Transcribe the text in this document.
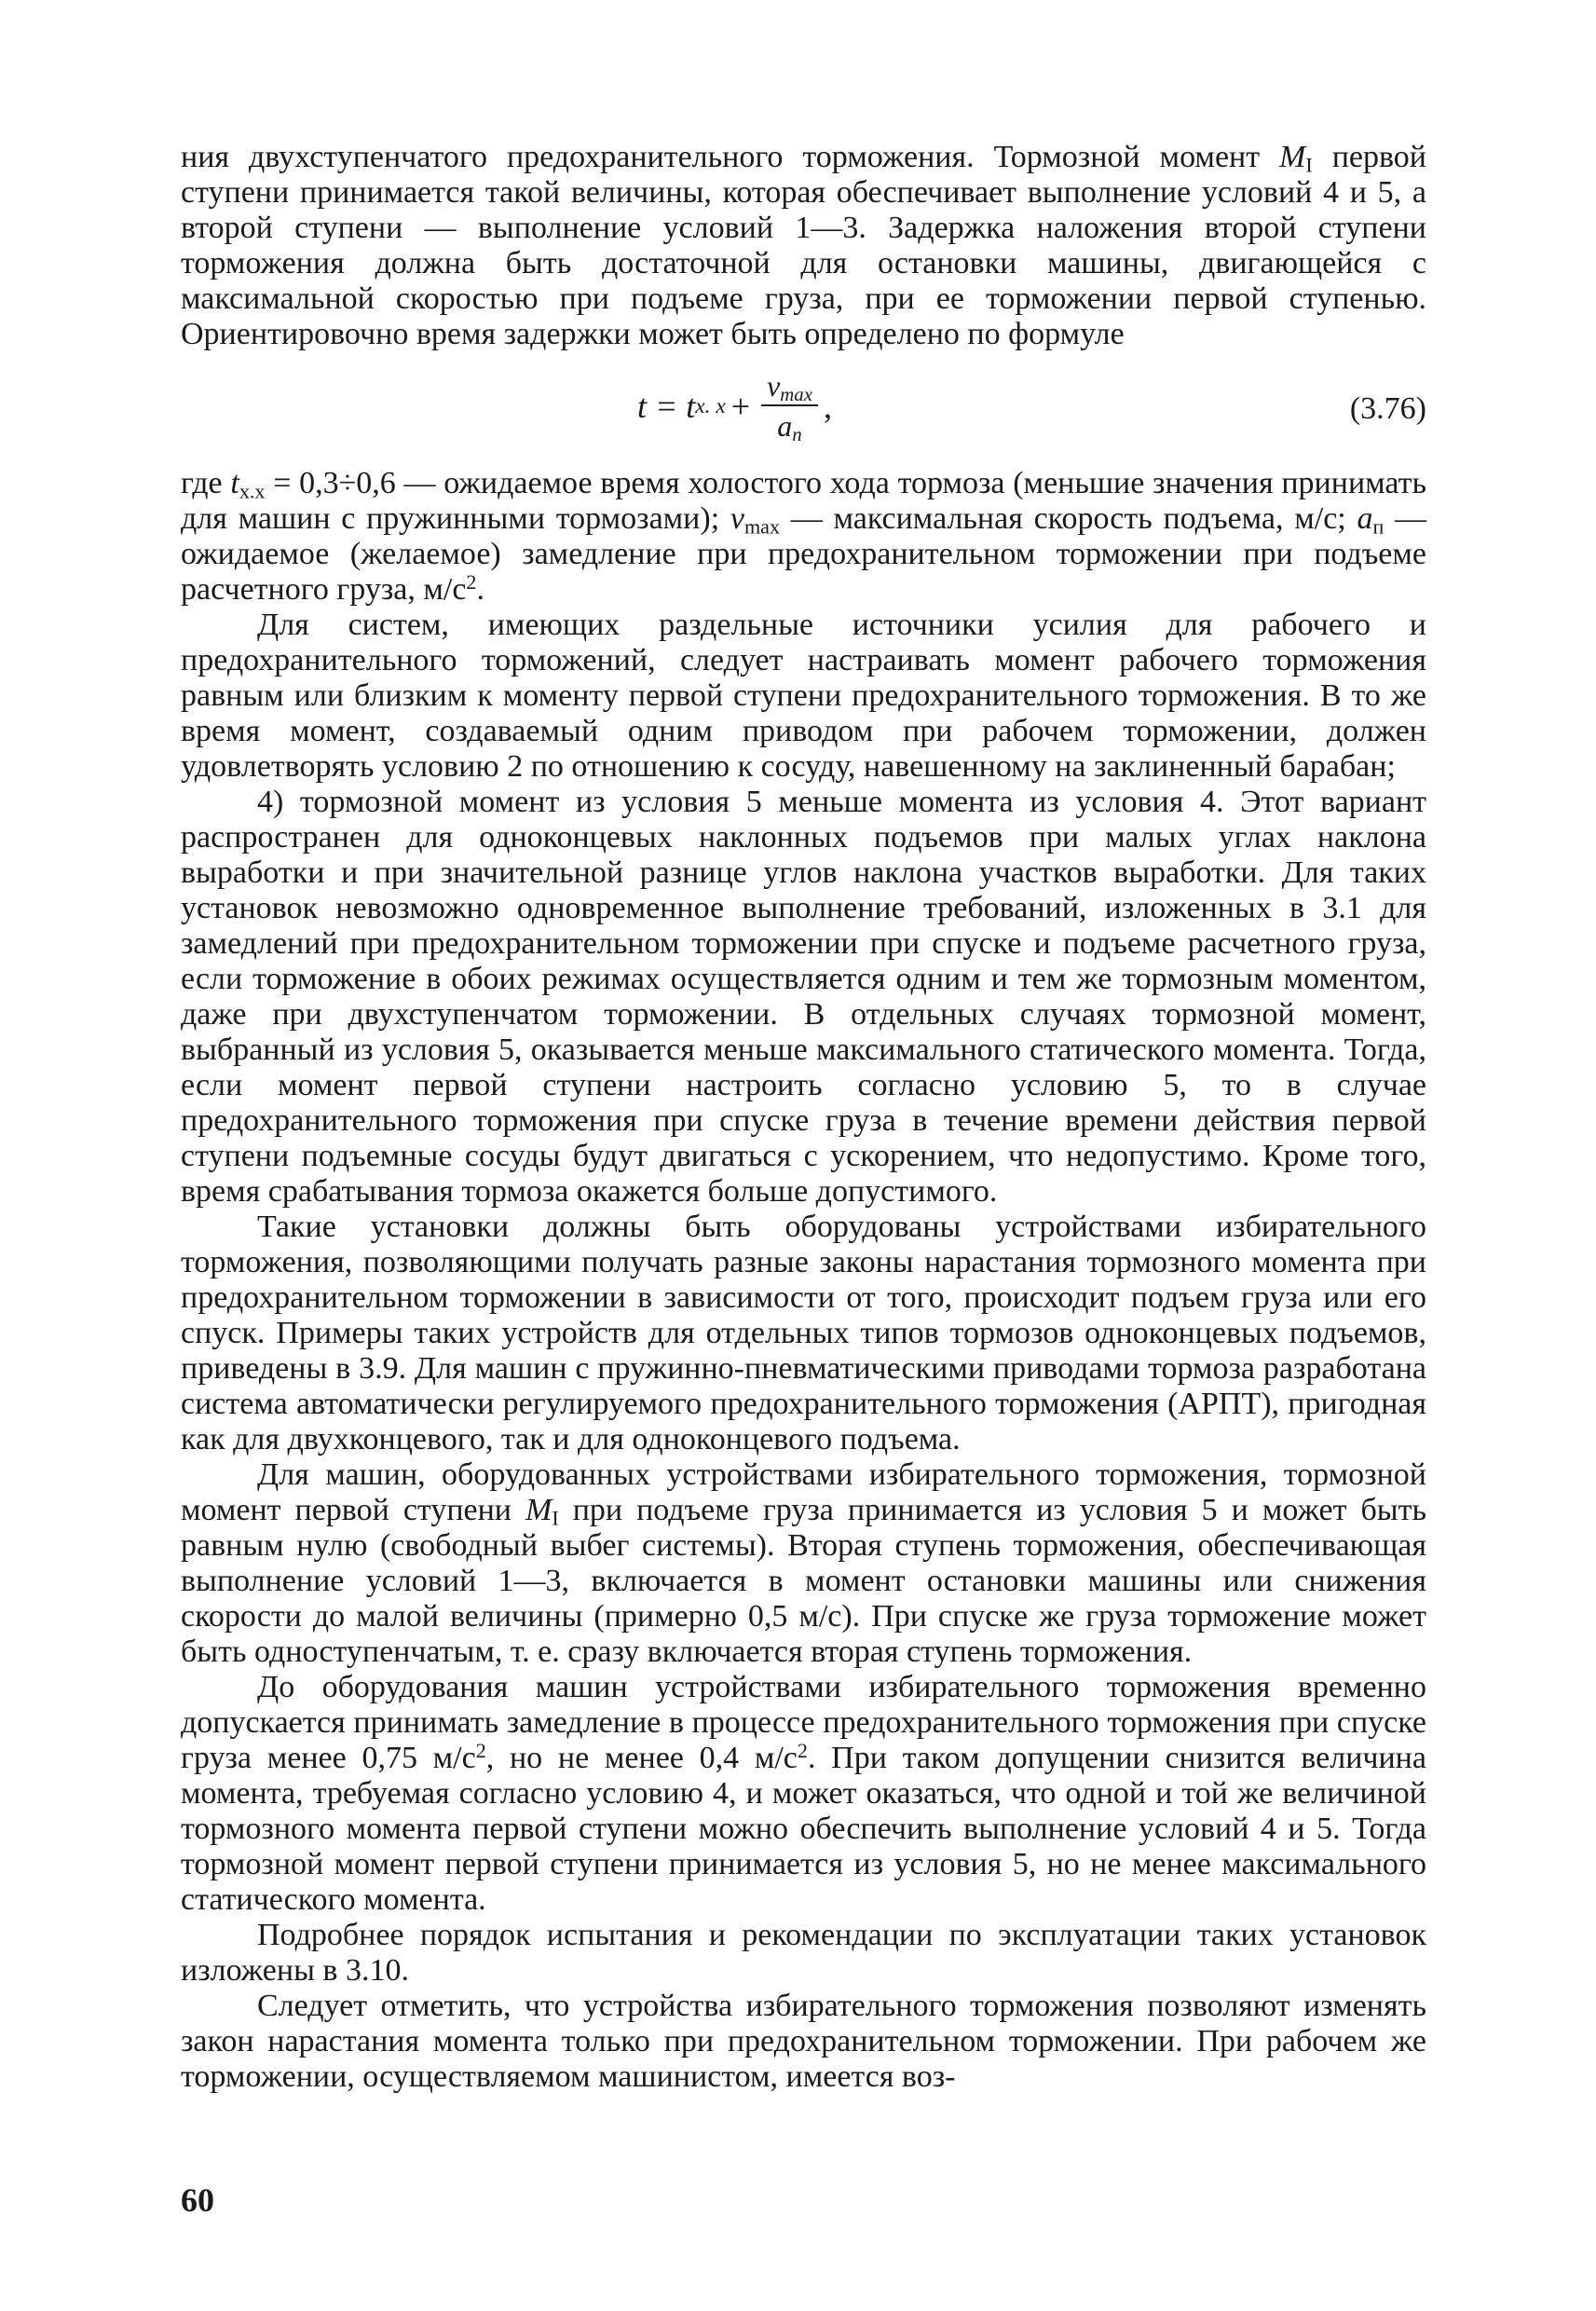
ния двухступенчатого предохранительного торможения. Тормозной момент $M_I$ первой ступени принимается такой величины, которая обеспечивает выполнение условий 4 и 5, а второй ступени — выполнение условий 1—3. Задержка наложения второй ступени торможения должна быть достаточной для остановки машины, двигающейся с максимальной скоростью при подъеме груза, при ее торможении первой ступенью. Ориентировочно время задержки может быть определено по формуле

t = t x. $x + \frac{v_{max}}{a_п}$ ,	(3.76)

где $t_{x.x} = 0,3\div 0,6$ — ожидаемое время холостого хода тормоза (меньшие значения принимать для машин с пружинными тормозами); $v_{max}$ — максимальная скорость подъема, м/с; $a_п$ — ожидаемое (желаемое) замедление при предохранительном торможении при подъеме расчетного груза, $м/с^2$.

Для систем, имеющих раздельные источники усилия для рабочего и предохранительного торможений, следует настраивать момент рабочего торможения равным или близким к моменту первой ступени предохранительного торможения. В то же время момент, создаваемый одним приводом при рабочем торможении, должен удовлетворять условию 2 по отношению к сосуду, навешенному на заклиненный барабан;

4) тормозной момент из условия 5 меньше момента из условия 4. Этот вариант распространен для одноконцевых наклонных подъемов при малых углах наклона выработки и при значительной разнице углов наклона участков выработки. Для таких установок невозможно одновременное выполнение требований, изложенных в 3.1 для замедлений при предохранительном торможении при спуске и подъеме расчетного груза, если торможение в обоих режимах осуществляется одним и тем же тормозным моментом, даже при двухступенчатом торможении. В отдельных случаях тормозной момент, выбранный из условия 5, оказывается меньше максимального статического момента. Тогда, если момент первой ступени настроить согласно условию 5, то в случае предохранительного торможения при спуске груза в течение времени действия первой ступени подъемные сосуды будут двигаться с ускорением, что недопустимо. Кроме того, время срабатывания тормоза окажется больше допустимого.

Такие установки должны быть оборудованы устройствами избирательного торможения, позволяющими получать разные законы нарастания тормозного момента при предохранительном торможении в зависимости от того, происходит подъем груза или его спуск. Примеры таких устройств для отдельных типов тормозов одноконцевых подъемов, приведены в 3.9. Для машин с пружинно-пневматическими приводами тормоза разработана система автоматически регулируемого предохранительного торможения (АРПТ), пригодная как для двухконцевого, так и для одноконцевого подъема.

Для машин, оборудованных устройствами избирательного торможения, тормозной момент первой ступени $M_I$ при подъеме груза принимается из условия 5 и может быть равным нулю (свободный выбег системы). Вторая ступень торможения, обеспечивающая выполнение условий 1—3, включается в момент остановки машины или снижения скорости до малой величины (примерно 0,5 м/с). При спуске же груза торможение может быть одноступенчатым, т. е. сразу включается вторая ступень торможения.

До оборудования машин устройствами избирательного торможения временно допускается принимать замедление в процессе предохранительного торможения при спуске груза менее 0,75 $м/с^2$, но не менее 0,4 $м/с^2$. При таком допущении снизится величина момента, требуемая согласно условию 4, и может оказаться, что одной и той же величиной тормозного момента первой ступени можно обеспечить выполнение условий 4 и 5. Тогда тормозной момент первой ступени принимается из условия 5, но не менее максимального статического момента.

Подробнее порядок испытания и рекомендации по эксплуатации таких установок изложены в 3.10.

Следует отметить, что устройства избирательного торможения позволяют изменять закон нарастания момента только при предохранительном торможении. При рабочем же торможении, осуществляемом машинистом, имеется воз-

60
